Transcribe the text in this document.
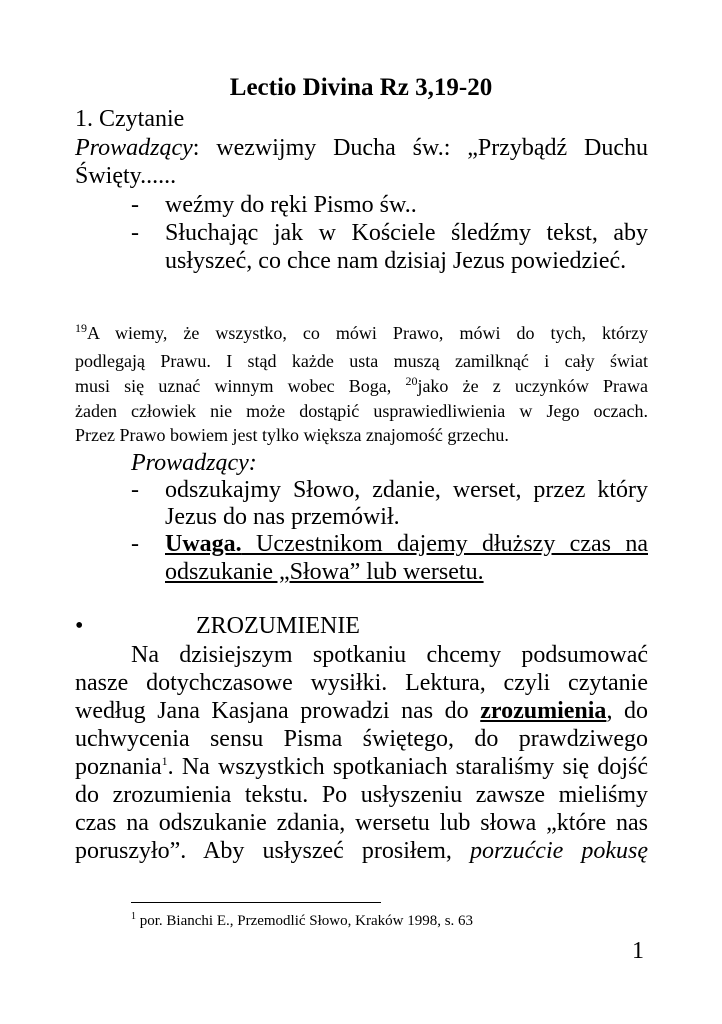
Lectio Divina Rz 3,19-20
1. Czytanie
Prowadzący: wezwijmy Ducha św.: „Przybądź Duchu
Święty......
- weźmy do ręki Pismo św..
- Słuchając jak w Kościele śledźmy tekst, aby
usłyszeć, co chce nam dzisiaj Jezus powiedzieć.
$^{19}$A wiemy, że wszystko, co mówi Prawo, mówi do tych, którzy
podlegają Prawu. I stąd każde usta muszą zamilknąć i cały świat
musi się uznać winnym wobec Boga, $^{20}$jako że z uczynków Prawa
żaden człowiek nie może dostąpić usprawiedliwienia w Jego oczach.
Przez Prawo bowiem jest tylko większa znajomość grzechu.
Prowadzący:
- odszukajmy Słowo, zdanie, werset, przez który
Jezus do nas przemówił.
- Uwaga. Uczestnikom dajemy dłuższy czas na
odszukanie „Słowa” lub wersetu.
•	ZROZUMIENIE
Na dzisiejszym spotkaniu chcemy podsumować
nasze dotychczasowe wysiłki. Lektura, czyli czytanie
według Jana Kasjana prowadzi nas do zrozumienia, do
uchwycenia sensu Pisma świętego, do prawdziwego
poznania$^1$. Na wszystkich spotkaniach staraliśmy się dojść
do zrozumienia tekstu. Po usłyszeniu zawsze mieliśmy
czas na odszukanie zdania, wersetu lub słowa „które nas
poruszyło”. Aby usłyszeć prosiłem, porzućcie pokusę
$^1$ por. Bianchi E., Przemodlić Słowo, Kraków 1998, s. 63
1
